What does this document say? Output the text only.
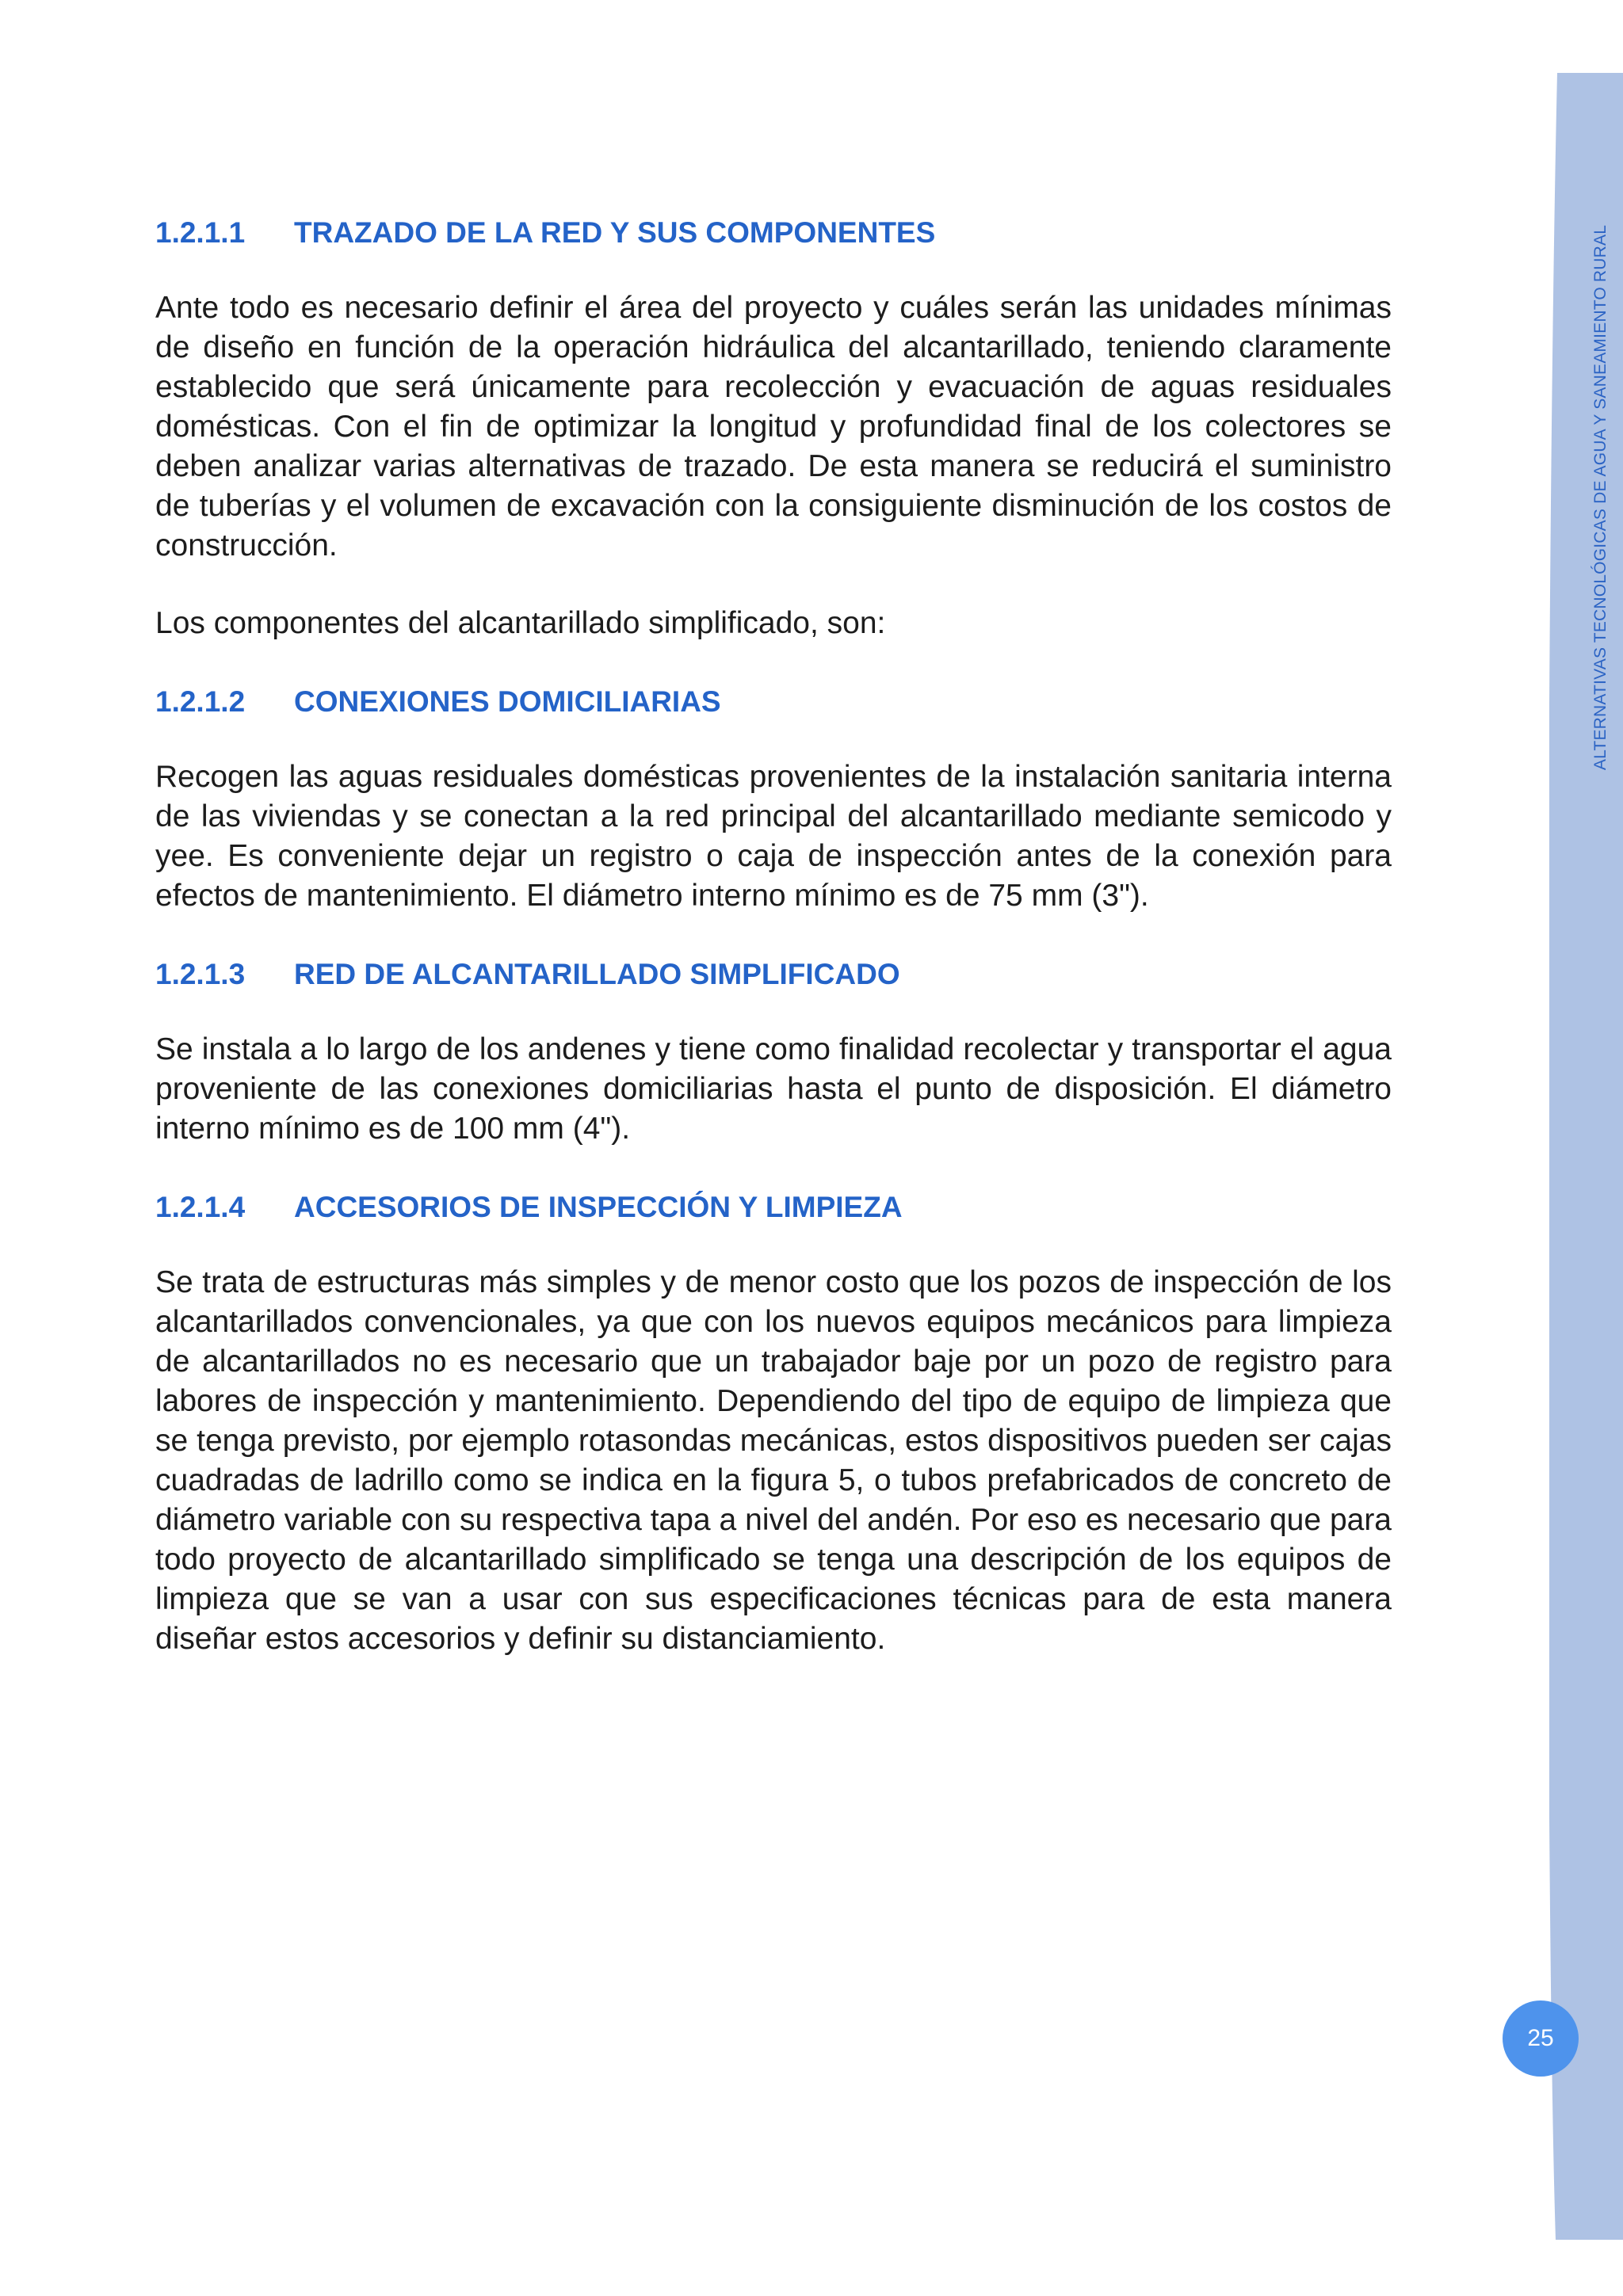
ALTERNATIVAS TECNOLÓGICAS DE AGUA Y SANEAMIENTO RURAL
25
1.2.1.1 TRAZADO DE LA RED Y SUS COMPONENTES

Ante todo es necesario definir el área del proyecto y cuáles serán las unidades mínimas de diseño en función de la operación hidráulica del alcantarillado, teniendo claramente establecido que será únicamente para recolección y evacuación de aguas residuales domésticas. Con el fin de optimizar la longitud y profundidad final de los colectores se deben analizar varias alternativas de trazado. De esta manera se reducirá el suministro de tuberías y el volumen de excavación con la consiguiente disminución de los costos de construcción.

Los componentes del alcantarillado simplificado, son:

1.2.1.2 CONEXIONES DOMICILIARIAS

Recogen las aguas residuales domésticas provenientes de la instalación sanitaria interna de las viviendas y se conectan a la red principal del alcantarillado mediante semicodo y yee. Es conveniente dejar un registro o caja de inspección antes de la conexión para efectos de mantenimiento. El diámetro interno mínimo es de 75 mm (3").

1.2.1.3 RED DE ALCANTARILLADO SIMPLIFICADO

Se instala a lo largo de los andenes y tiene como finalidad recolectar y transportar el agua proveniente de las conexiones domiciliarias hasta el punto de disposición. El diámetro interno mínimo es de 100 mm (4").

1.2.1.4 ACCESORIOS DE INSPECCIÓN Y LIMPIEZA

Se trata de estructuras más simples y de menor costo que los pozos de inspección de los alcantarillados convencionales, ya que con los nuevos equipos mecánicos para limpieza de alcantarillados no es necesario que un trabajador baje por un pozo de registro para labores de inspección y mantenimiento. Dependiendo del tipo de equipo de limpieza que se tenga previsto, por ejemplo rotasondas mecánicas, estos dispositivos pueden ser cajas cuadradas de ladrillo como se indica en la figura 5, o tubos prefabricados de concreto de diámetro variable con su respectiva tapa a nivel del andén. Por eso es necesario que para todo proyecto de alcantarillado simplificado se tenga una descripción de los equipos de limpieza que se van a usar con sus especificaciones técnicas para de esta manera diseñar estos accesorios y definir su distanciamiento.
